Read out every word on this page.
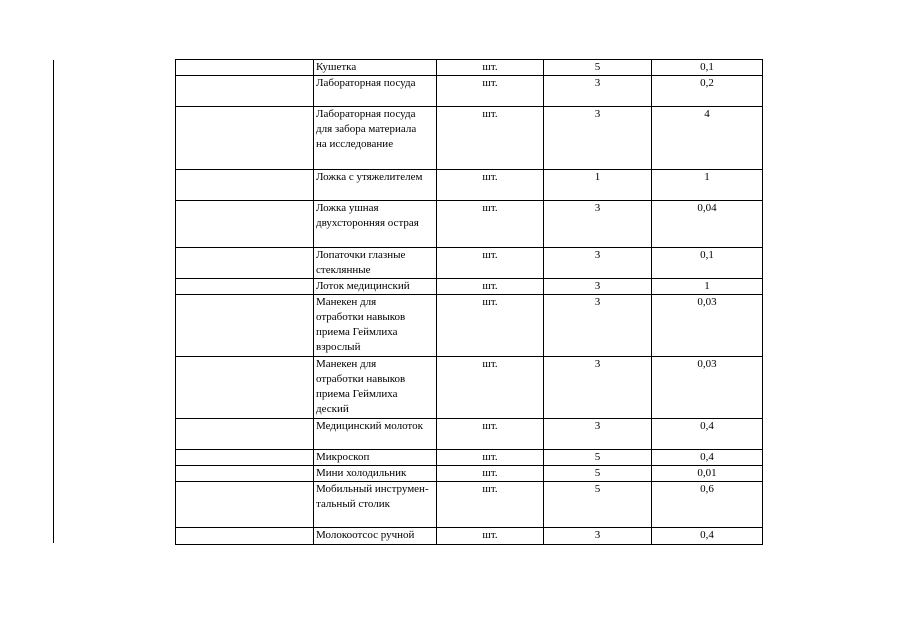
	Кушетка	шт.	5	0,1
	Лабораторная посуда	шт.	3	0,2
	Лабораторная посуда
для забора материала
на исследование	шт.	3	4
	Ложка с утяжелителем	шт.	1	1
	Ложка ушная
двухсторонняя острая	шт.	3	0,04
	Лопаточки глазные
стеклянные	шт.	3	0,1
	Лоток медицинский	шт.	3	1
	Манекен для
отработки навыков
приема Геймлиха
взрослый	шт.	3	0,03
	Манекен для
отработки навыков
приема Геймлиха
деский	шт.	3	0,03
	Медицинский молоток	шт.	3	0,4
	Микроскоп	шт.	5	0,4
	Мини холодильник	шт.	5	0,01
	Мобильный инструмен-
тальный столик	шт.	5	0,6
	Молокоотсос ручной	шт.	3	0,4
